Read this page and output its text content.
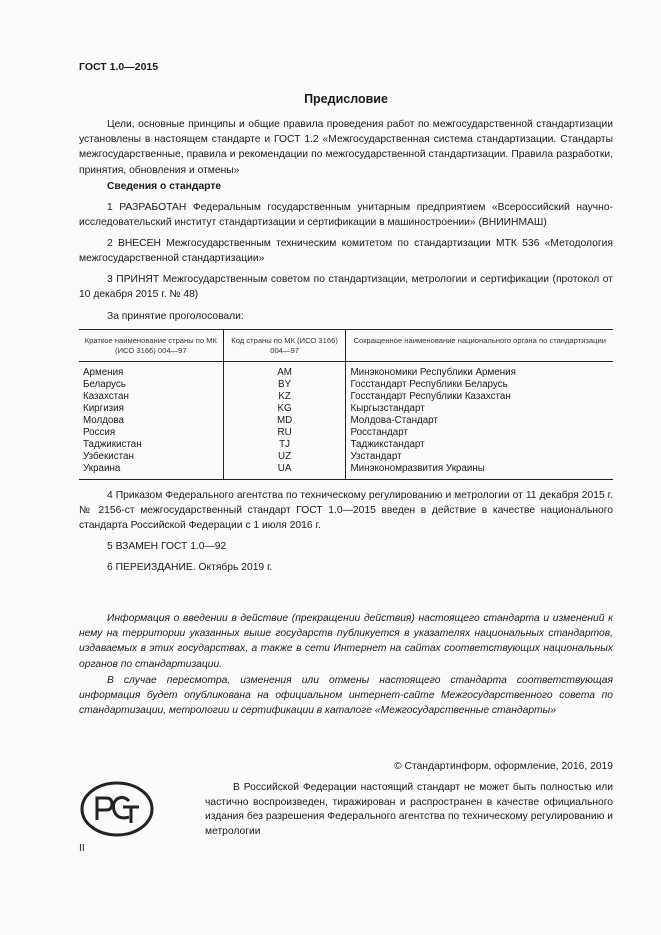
ГОСТ 1.0—2015
Предисловие

Цели, основные принципы и общие правила проведения работ по межгосударственной стандартизации установлены в настоящем стандарте и ГОСТ 1.2 «Межгосударственная система стандартизации. Стандарты межгосударственные, правила и рекомендации по межгосударственной стандартизации. Правила разработки, принятия, обновления и отмены»

Сведения о стандарте

1 РАЗРАБОТАН Федеральным государственным унитарным предприятием «Всероссийский научно-исследовательский институт стандартизации и сертификации в машиностроении» (ВНИИНМАШ)

2 ВНЕСЕН Межгосударственным техническим комитетом по стандартизации МТК 536 «Методология межгосударственной стандартизации»

3 ПРИНЯТ Межгосударственным советом по стандартизации, метрологии и сертификации (протокол от 10 декабря 2015 г. № 48)

За принятие проголосовали:

Краткое наименование страны по МК (ИСО 3166) 004—97	Код страны по МК (ИСО 3166) 004—97	Сокращенное наименование национального органа по стандартизации
Армения	AM	Минэкономики Республики Армения
Беларусь	BY	Госстандарт Республики Беларусь
Казахстан	KZ	Госстандарт Республики Казахстан
Киргизия	KG	Кыргызстандарт
Молдова	MD	Молдова-Стандарт
Россия	RU	Росстандарт
Таджикистан	TJ	Таджикстандарт
Узбекистан	UZ	Узстандарт
Украина	UA	Минэкономразвития Украины

4 Приказом Федерального агентства по техническому регулированию и метрологии от 11 декабря 2015 г. № 2156-ст межгосударственный стандарт ГОСТ 1.0—2015 введен в действие в качестве национального стандарта Российской Федерации с 1 июля 2016 г.

5 ВЗАМЕН ГОСТ 1.0—92

6 ПЕРЕИЗДАНИЕ. Октябрь 2019 г.

Информация о введении в действие (прекращении действия) настоящего стандарта и изменений к нему на территории указанных выше государств публикуется в указателях национальных стандартов, издаваемых в этих государствах, а также в сети Интернет на сайтах соответствующих национальных органов по стандартизации.

В случае пересмотра, изменения или отмены настоящего стандарта соответствующая информация будет опубликована на официальном интернет-сайте Межгосударственного совета по стандартизации, метрологии и сертификации в каталоге «Межгосударственные стандарты»

© Стандартинформ, оформление, 2016, 2019

В Российской Федерации настоящий стандарт не может быть полностью или частично воспроизведен, тиражирован и распространен в качестве официального издания без разрешения Федерального агентства по техническому регулированию и метрологии

II
